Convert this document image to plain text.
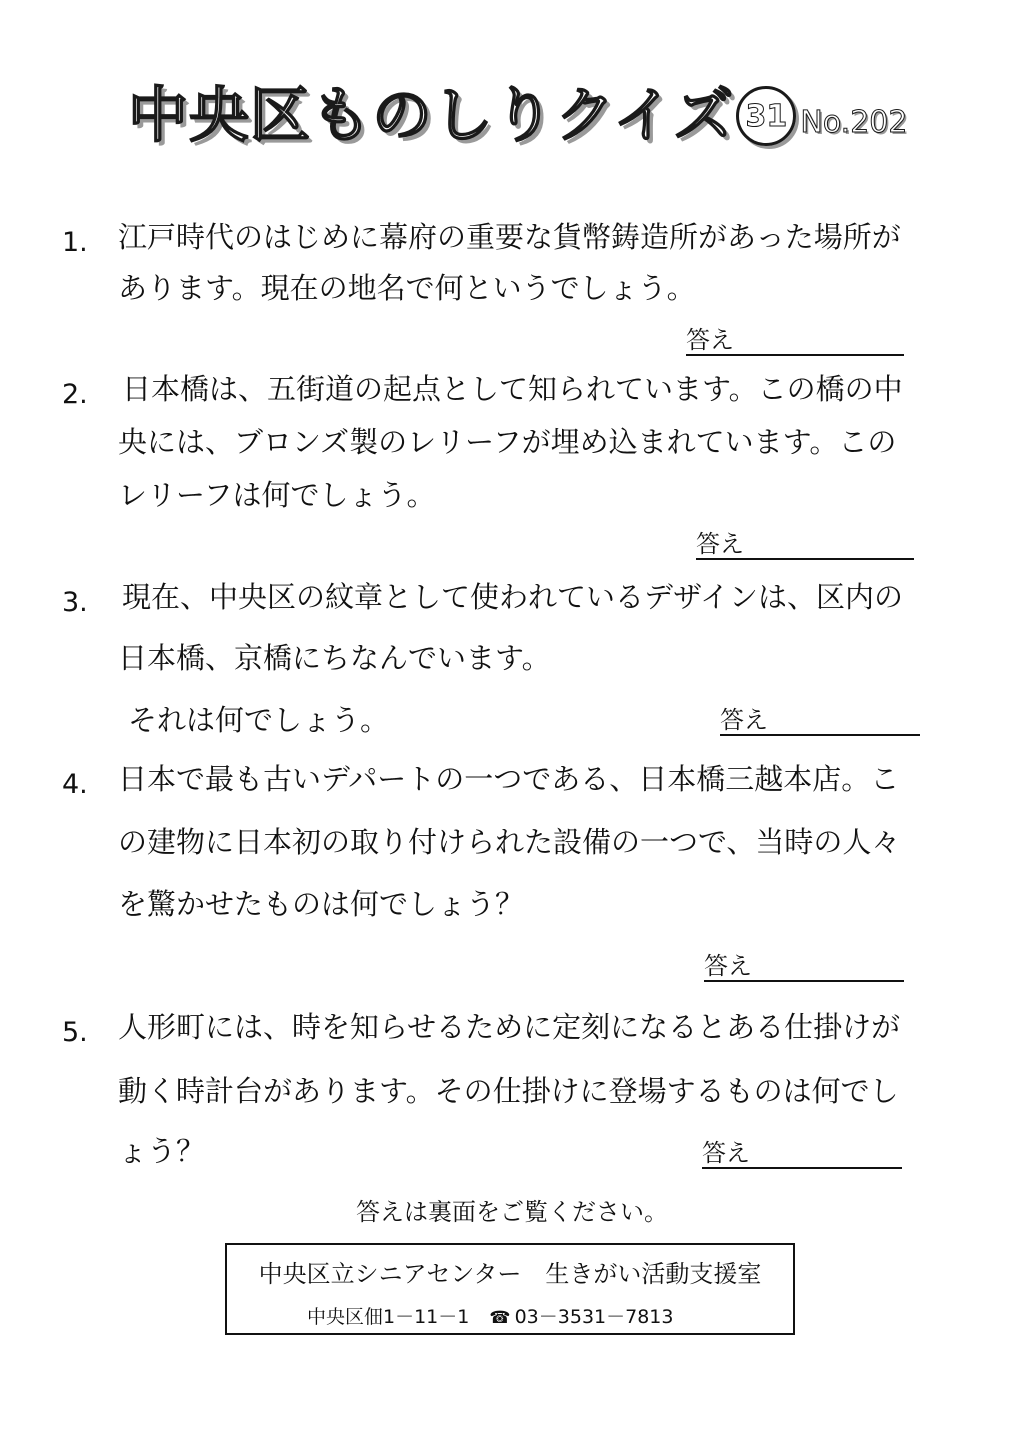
中央区ものしりクイズ 31 No.202
1. 江戸時代のはじめに幕府の重要な貨幣鋳造所があった場所が
あります。現在の地名で何というでしょう。
答え
2. 日本橋は、五街道の起点として知られています。この橋の中
央には、ブロンズ製のレリーフが埋め込まれています。この
レリーフは何でしょう。
答え
3. 現在、中央区の紋章として使われているデザインは、区内の
日本橋、京橋にちなんでいます。
それは何でしょう。	答え
4. 日本で最も古いデパートの一つである、日本橋三越本店。こ
の建物に日本初の取り付けられた設備の一つで、当時の人々
を驚かせたものは何でしょう？
答え
5. 人形町には、時を知らせるために定刻になるとある仕掛けが
動く時計台があります。その仕掛けに登場するものは何でし
ょう？	答え
答えは裏面をご覧ください。
中央区立シニアセンター　生きがい活動支援室
中央区佃1－11－1 ☎ 03－3531－7813
